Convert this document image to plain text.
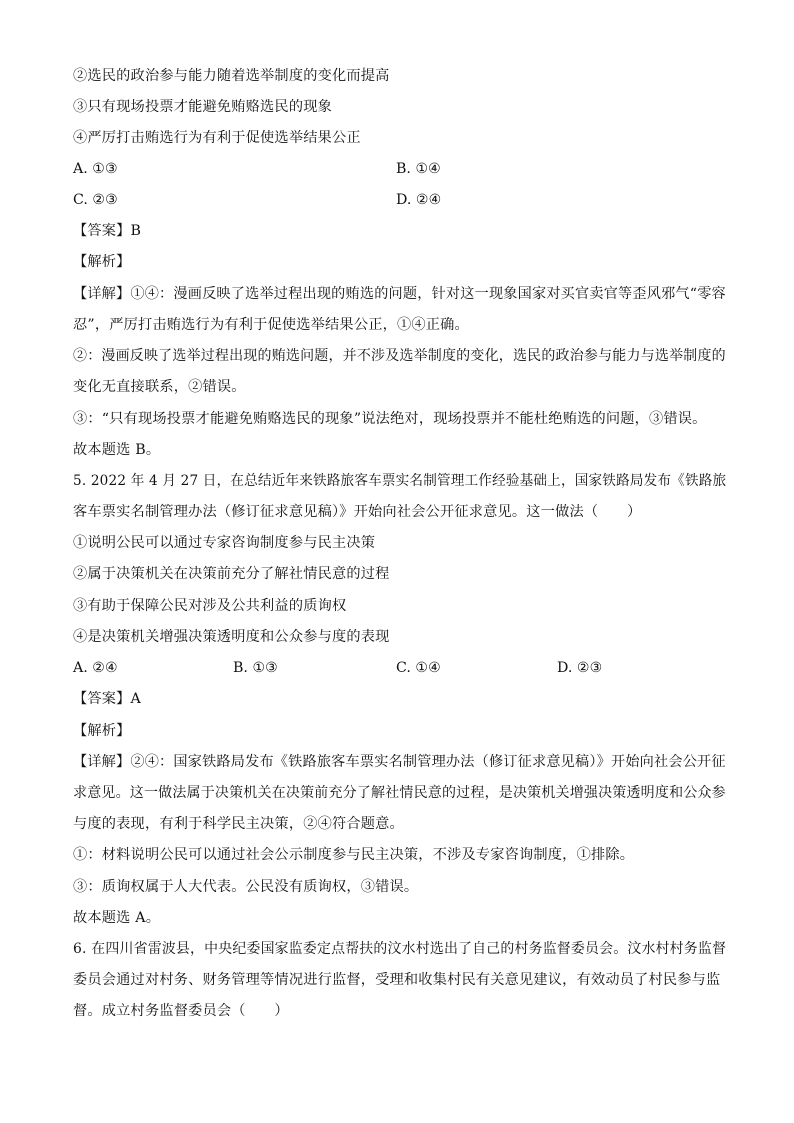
②选民的政治参与能力随着选举制度的变化而提高
③只有现场投票才能避免贿赂选民的现象
④严厉打击贿选行为有利于促使选举结果公正
A. ①③	B. ①④
C. ②③	D. ②④
【答案】B
【解析】
【详解】①④：漫画反映了选举过程出现的贿选的问题，针对这一现象国家对买官卖官等歪风邪气“零容
忍”，严厉打击贿选行为有利于促使选举结果公正，①④正确。
②：漫画反映了选举过程出现的贿选问题，并不涉及选举制度的变化，选民的政治参与能力与选举制度的
变化无直接联系，②错误。
③：“只有现场投票才能避免贿赂选民的现象”说法绝对，现场投票并不能杜绝贿选的问题，③错误。
故本题选 B。
5. 2022 年 4 月 27 日，在总结近年来铁路旅客车票实名制管理工作经验基础上，国家铁路局发布《铁路旅
客车票实名制管理办法（修订征求意见稿）》开始向社会公开征求意见。这一做法（　　）
①说明公民可以通过专家咨询制度参与民主决策
②属于决策机关在决策前充分了解社情民意的过程
③有助于保障公民对涉及公共利益的质询权
④是决策机关增强决策透明度和公众参与度的表现
A. ②④	B. ①③	C. ①④	D. ②③
【答案】A
【解析】
【详解】②④：国家铁路局发布《铁路旅客车票实名制管理办法（修订征求意见稿）》开始向社会公开征
求意见。这一做法属于决策机关在决策前充分了解社情民意的过程，是决策机关增强决策透明度和公众参
与度的表现，有利于科学民主决策，②④符合题意。
①：材料说明公民可以通过社会公示制度参与民主决策，不涉及专家咨询制度，①排除。
③：质询权属于人大代表。公民没有质询权，③错误。
故本题选 A。
6. 在四川省雷波县，中央纪委国家监委定点帮扶的汶水村选出了自己的村务监督委员会。汶水村村务监督
委员会通过对村务、财务管理等情况进行监督，受理和收集村民有关意见建议，有效动员了村民参与监
督。成立村务监督委员会（　　）
